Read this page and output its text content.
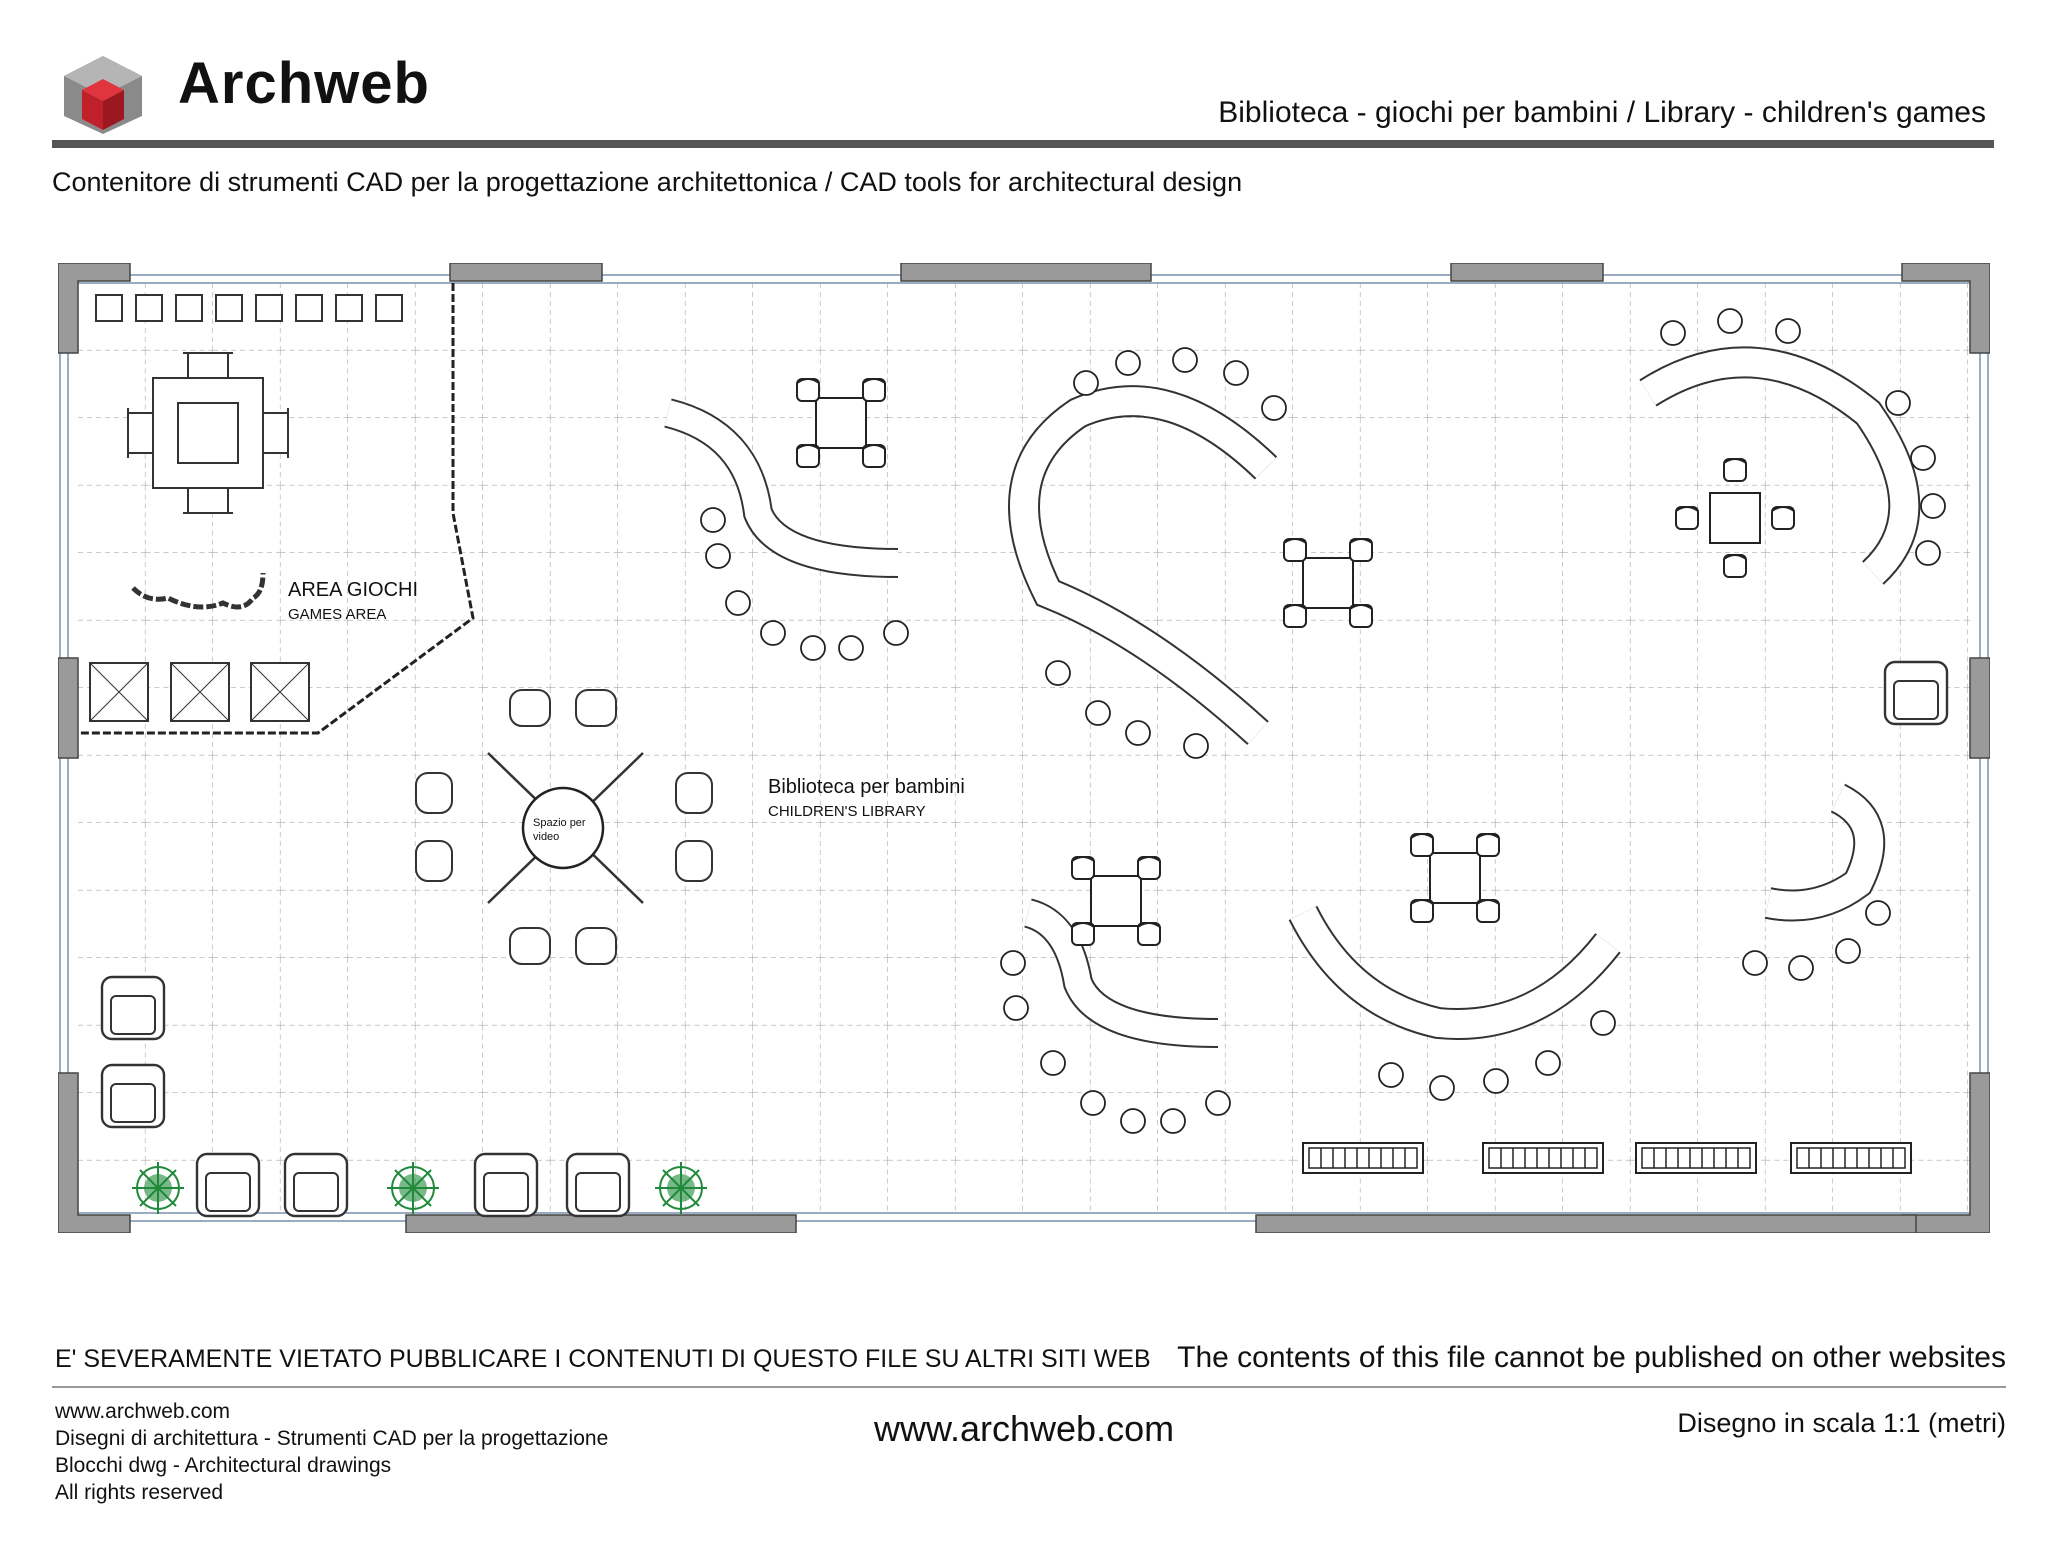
Archweb	Biblioteca - giochi per bambini / Library - children's games
Contenitore di strumenti CAD per la progettazione architettonica / CAD tools for architectural design
AREA GIOCHI
GAMES AREA
Spazio per
video
Biblioteca per bambini
CHILDREN'S LIBRARY
E' SEVERAMENTE VIETATO PUBBLICARE I CONTENUTI DI QUESTO FILE SU ALTRI SITI WEB The contents of this file cannot be published on other websites
www.archweb.com
Disegni di architettura - Strumenti CAD per la progettazione
Blocchi dwg - Architectural drawings
All rights reserved
www.archweb.com	Disegno in scala 1:1 (metri)
